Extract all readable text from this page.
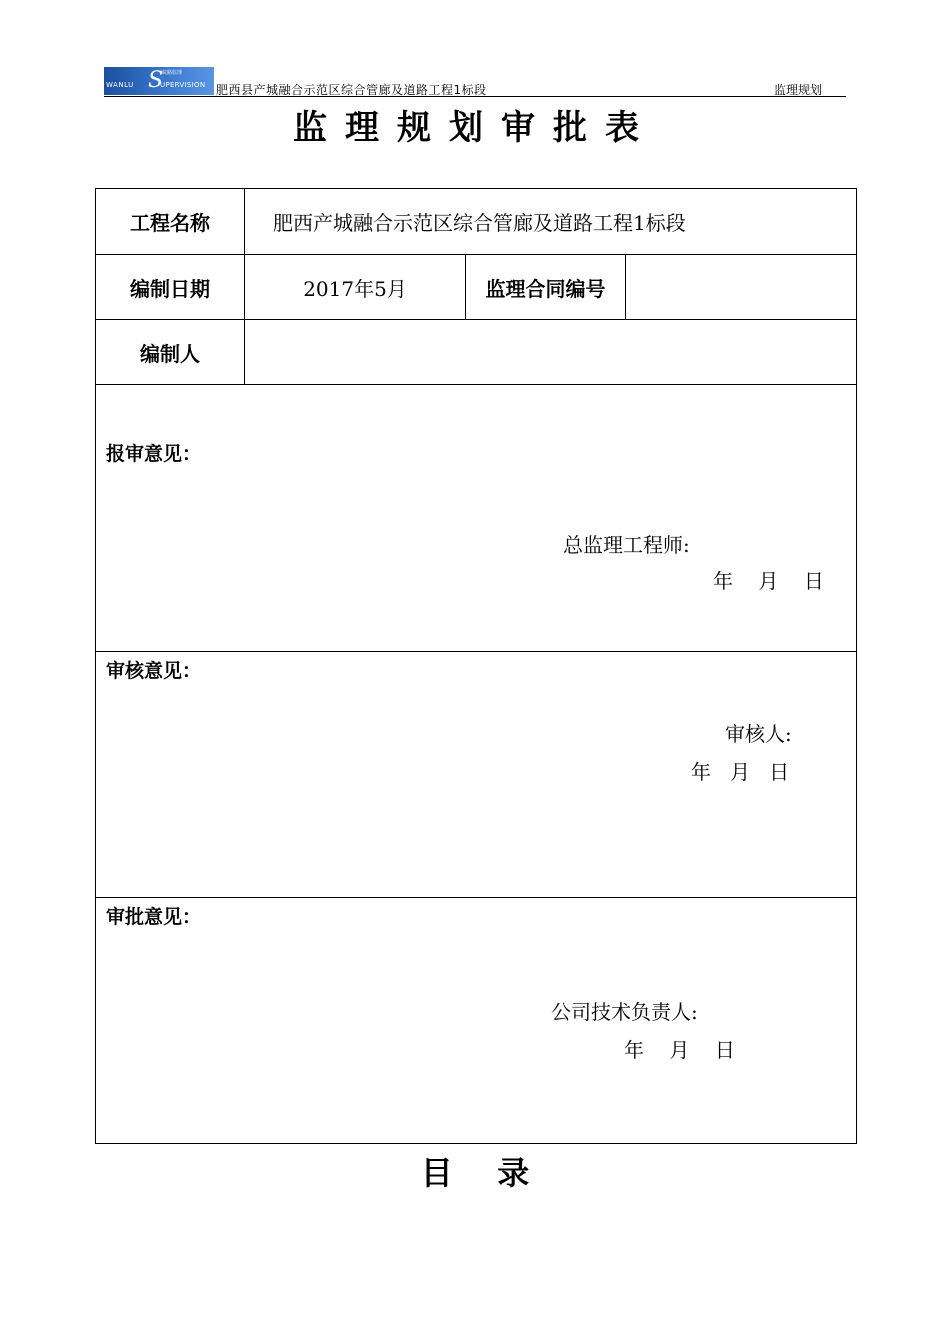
皖路监理
WANLU S
UPERVISION 肥西县产城融合示范区综合管廊及道路工程1标段	监理规划
监理规划审批表
工程名称	肥西产城融合示范区综合管廊及道路工程1标段		
编制日期	2017年5月	监理合同编号	
编制人			

报审意见：
总监理工程师:
年    月    日			

审核意见：
审核人:
年   月   日			

审批意见：
公司技术负责人:
年    月    日			
目    录
